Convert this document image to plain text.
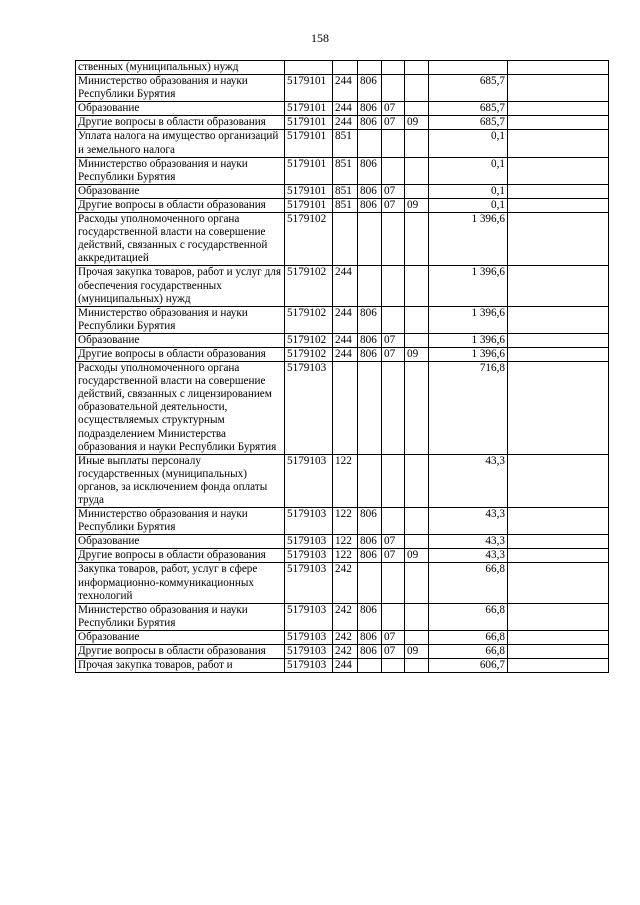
158
ственных (муниципальных) нужд							
Министерство образования и науки Республики Бурятия	5179101	244	806			685,7	
Образование	5179101	244	806	07		685,7	
Другие вопросы в области образования	5179101	244	806	07	09	685,7	
Уплата налога на имущество организаций и земельного налога	5179101	851				0,1	
Министерство образования и науки Республики Бурятия	5179101	851	806			0,1	
Образование	5179101	851	806	07		0,1	
Другие вопросы в области образования	5179101	851	806	07	09	0,1	
Расходы уполномоченного органа государственной власти на совершение действий, связанных с государственной аккредитацией	5179102					1 396,6	
Прочая закупка товаров, работ и услуг для обеспечения государственных (муниципальных) нужд	5179102	244				1 396,6	
Министерство образования и науки Республики Бурятия	5179102	244	806			1 396,6	
Образование	5179102	244	806	07		1 396,6	
Другие вопросы в области образования	5179102	244	806	07	09	1 396,6	
Расходы уполномоченного органа государственной власти на совершение действий, связанных с лицензированием образовательной деятельности, осуществляемых структурным подразделением Министерства образования и науки Республики Бурятия	5179103					716,8	
Иные выплаты персоналу государственных (муниципальных) органов, за исключением фонда оплаты труда	5179103	122				43,3	
Министерство образования и науки Республики Бурятия	5179103	122	806			43,3	
Образование	5179103	122	806	07		43,3	
Другие вопросы в области образования	5179103	122	806	07	09	43,3	
Закупка товаров, работ, услуг в сфере информационно-коммуникационных технологий	5179103	242				66,8	
Министерство образования и науки Республики Бурятия	5179103	242	806			66,8	
Образование	5179103	242	806	07		66,8	
Другие вопросы в области образования	5179103	242	806	07	09	66,8	
Прочая закупка товаров, работ и	5179103	244				606,7	
